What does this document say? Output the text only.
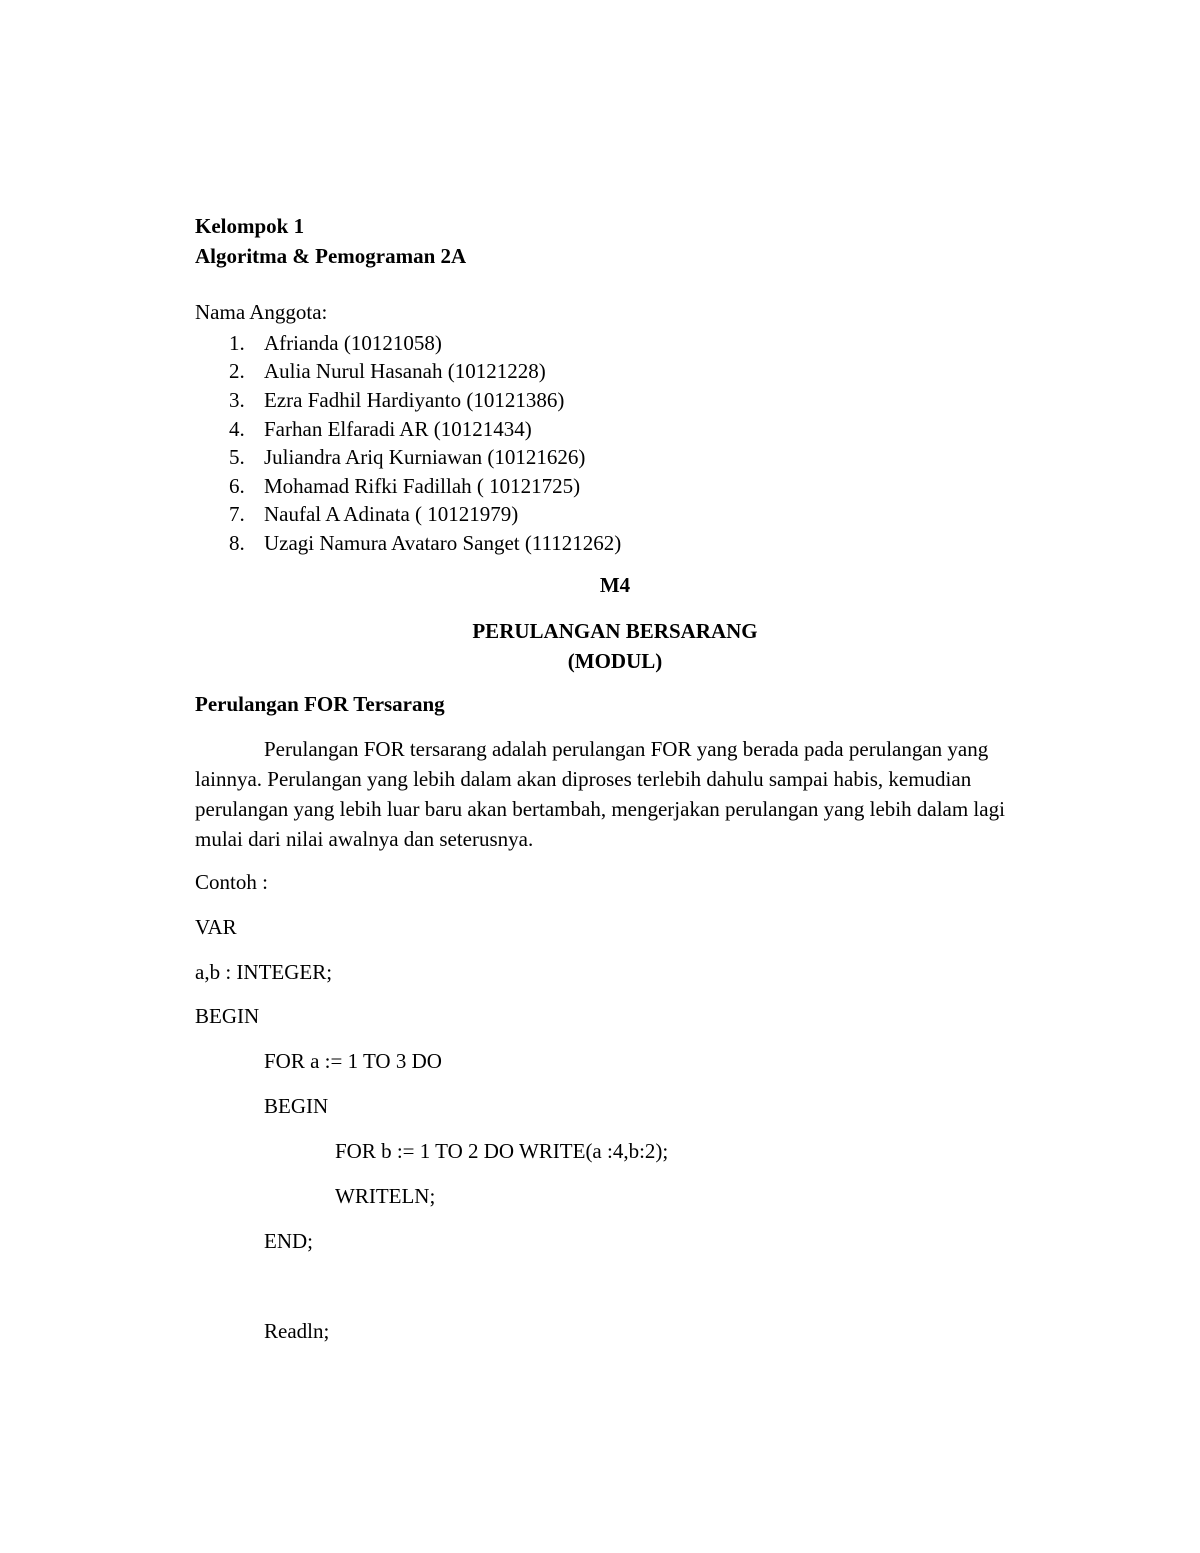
Kelompok 1
Algoritma & Pemograman 2A
Nama Anggota:
1. Afrianda (10121058)
2. Aulia Nurul Hasanah (10121228)
3. Ezra Fadhil Hardiyanto (10121386)
4. Farhan Elfaradi AR (10121434)
5. Juliandra Ariq Kurniawan (10121626)
6. Mohamad Rifki Fadillah ( 10121725)
7. Naufal A Adinata ( 10121979)
8. Uzagi Namura Avataro Sanget (11121262)
M4
PERULANGAN BERSARANG
(MODUL)
Perulangan FOR Tersarang
Perulangan FOR tersarang adalah perulangan FOR yang berada pada perulangan yang lainnya. Perulangan yang lebih dalam akan diproses terlebih dahulu sampai habis, kemudian perulangan yang lebih luar baru akan bertambah, mengerjakan perulangan yang lebih dalam lagi mulai dari nilai awalnya dan seterusnya.
Contoh :
VAR
a,b : INTEGER;
BEGIN
FOR a := 1 TO 3 DO
BEGIN
FOR b := 1 TO 2 DO WRITE(a :4,b:2);
WRITELN;
END;
Readln;
